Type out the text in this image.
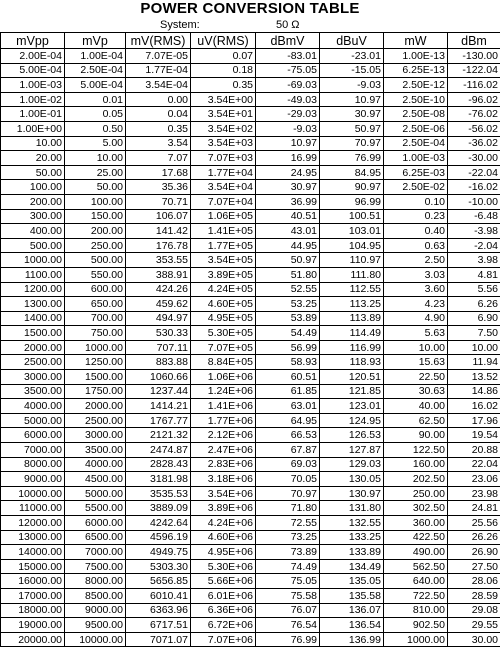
POWER CONVERSION TABLE
System:	50 Ω
mVpp	mVp	mV(RMS)	uV(RMS)	dBmV	dBuV	mW	dBm
2.00E-04	1.00E-04	7.07E-05	0.07	-83.01	-23.01	1.00E-13	-130.00
5.00E-04	2.50E-04	1.77E-04	0.18	-75.05	-15.05	6.25E-13	-122.04
1.00E-03	5.00E-04	3.54E-04	0.35	-69.03	-9.03	2.50E-12	-116.02
1.00E-02	0.01	0.00	3.54E+00	-49.03	10.97	2.50E-10	-96.02
1.00E-01	0.05	0.04	3.54E+01	-29.03	30.97	2.50E-08	-76.02
1.00E+00	0.50	0.35	3.54E+02	-9.03	50.97	2.50E-06	-56.02
10.00	5.00	3.54	3.54E+03	10.97	70.97	2.50E-04	-36.02
20.00	10.00	7.07	7.07E+03	16.99	76.99	1.00E-03	-30.00
50.00	25.00	17.68	1.77E+04	24.95	84.95	6.25E-03	-22.04
100.00	50.00	35.36	3.54E+04	30.97	90.97	2.50E-02	-16.02
200.00	100.00	70.71	7.07E+04	36.99	96.99	0.10	-10.00
300.00	150.00	106.07	1.06E+05	40.51	100.51	0.23	-6.48
400.00	200.00	141.42	1.41E+05	43.01	103.01	0.40	-3.98
500.00	250.00	176.78	1.77E+05	44.95	104.95	0.63	-2.04
1000.00	500.00	353.55	3.54E+05	50.97	110.97	2.50	3.98
1100.00	550.00	388.91	3.89E+05	51.80	111.80	3.03	4.81
1200.00	600.00	424.26	4.24E+05	52.55	112.55	3.60	5.56
1300.00	650.00	459.62	4.60E+05	53.25	113.25	4.23	6.26
1400.00	700.00	494.97	4.95E+05	53.89	113.89	4.90	6.90
1500.00	750.00	530.33	5.30E+05	54.49	114.49	5.63	7.50
2000.00	1000.00	707.11	7.07E+05	56.99	116.99	10.00	10.00
2500.00	1250.00	883.88	8.84E+05	58.93	118.93	15.63	11.94
3000.00	1500.00	1060.66	1.06E+06	60.51	120.51	22.50	13.52
3500.00	1750.00	1237.44	1.24E+06	61.85	121.85	30.63	14.86
4000.00	2000.00	1414.21	1.41E+06	63.01	123.01	40.00	16.02
5000.00	2500.00	1767.77	1.77E+06	64.95	124.95	62.50	17.96
6000.00	3000.00	2121.32	2.12E+06	66.53	126.53	90.00	19.54
7000.00	3500.00	2474.87	2.47E+06	67.87	127.87	122.50	20.88
8000.00	4000.00	2828.43	2.83E+06	69.03	129.03	160.00	22.04
9000.00	4500.00	3181.98	3.18E+06	70.05	130.05	202.50	23.06
10000.00	5000.00	3535.53	3.54E+06	70.97	130.97	250.00	23.98
11000.00	5500.00	3889.09	3.89E+06	71.80	131.80	302.50	24.81
12000.00	6000.00	4242.64	4.24E+06	72.55	132.55	360.00	25.56
13000.00	6500.00	4596.19	4.60E+06	73.25	133.25	422.50	26.26
14000.00	7000.00	4949.75	4.95E+06	73.89	133.89	490.00	26.90
15000.00	7500.00	5303.30	5.30E+06	74.49	134.49	562.50	27.50
16000.00	8000.00	5656.85	5.66E+06	75.05	135.05	640.00	28.06
17000.00	8500.00	6010.41	6.01E+06	75.58	135.58	722.50	28.59
18000.00	9000.00	6363.96	6.36E+06	76.07	136.07	810.00	29.08
19000.00	9500.00	6717.51	6.72E+06	76.54	136.54	902.50	29.55
20000.00	10000.00	7071.07	7.07E+06	76.99	136.99	1000.00	30.00
